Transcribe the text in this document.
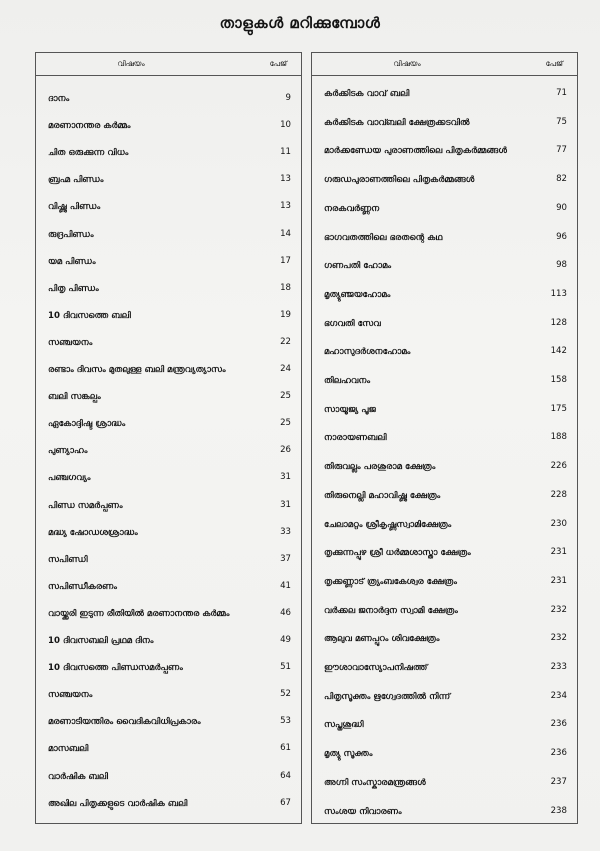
താളുകൾ മറിക്കുമ്പോൾ
വിഷയം	പേജ്
ദാനം	9
മരണാനന്തര കർമ്മം	10
ചിത ഒരുക്കുന്ന വിധം	11
ബ്രഹ്മ പിണ്ഡം	13
വിഷ്ണു പിണ്ഡം	13
രുദ്രപിണ്ഡം	14
യമ പിണ്ഡം	17
പിതൃ പിണ്ഡം	18
10 ദിവസത്തെ ബലി	19
സഞ്ചയനം	22
രണ്ടാം ദിവസം മുതലുള്ള ബലി മന്ത്രവ്യത്യാസം	24
ബലി സങ്കല്പം	25
ഏകോദ്ദിഷ്ട ശ്രാദ്ധം	25
പുണ്യാഹം	26
പഞ്ചഗവ്യം	31
പിണ്ഡ സമർപ്പണം	31
മദ്ധ്യ ഷോഡശശ്രാദ്ധം	33
സപിണ്ഡി	37
സപിണ്ഡീകരണം	41
വായ്ക്കരി ഇടുന്ന രീതിയിൽ മരണാനന്തര കർമ്മം	46
10 ദിവസബലി പ്രഥമ ദിനം	49
10 ദിവസത്തെ പിണ്ഡസമർപ്പണം	51
സഞ്ചയനം	52
മരണാടിയന്തിരം വൈദികവിധിപ്രകാരം	53
മാസബലി	61
വാർഷിക ബലി	64
അഖില പിതൃക്കളുടെ വാർഷിക ബലി	67
വിഷയം	പേജ്
കർക്കിടക വാവ് ബലി	71
കർക്കിടക വാവ്ബലി ക്ഷേത്രക്കടവിൽ	75
മാർക്കണ്ഡേയ പുരാണത്തിലെ പിതൃകർമ്മങ്ങൾ	77
ഗരുഡപുരാണത്തിലെ പിതൃകർമ്മങ്ങൾ	82
നരകവർണ്ണന	90
ഭാഗവതത്തിലെ ഭരതന്റെ കഥ	96
ഗണപതി ഹോമം	98
മൃത്യുഞ്ജയഹോമം	113
ഭഗവതി സേവ	128
മഹാസുദർശനഹോമം	142
തിലഹവനം	158
സായൂജ്യ പൂജ	175
നാരായണബലി	188
തിരുവല്ലം പരശുരാമ ക്ഷേത്രം	226
തിരുനെല്ലി മഹാവിഷ്ണു ക്ഷേത്രം	228
ചേലാമറ്റം ശ്രീകൃഷ്ണസ്വാമിക്ഷേത്രം	230
തൃക്കുന്നപ്പുഴ ശ്രീ ധർമ്മശാസ്താ ക്ഷേത്രം	231
തൃക്കണ്ണാട് ത്ര്യംബകേശ്വര ക്ഷേത്രം	231
വർക്കല ജനാർദ്ദന സ്വാമി ക്ഷേത്രം	232
ആലുവ മണപ്പുറം ശിവക്ഷേത്രം	232
ഈശാവാസ്യോപനിഷത്ത്	233
പിതൃസൂക്തം ഋഗ്വേദത്തിൽ നിന്ന്	234
സപ്തശുദ്ധി	236
മൃത്യു സൂക്തം	236
അഗ്നി സംസ്കാരമന്ത്രങ്ങൾ	237
സംശയ നിവാരണം	238
